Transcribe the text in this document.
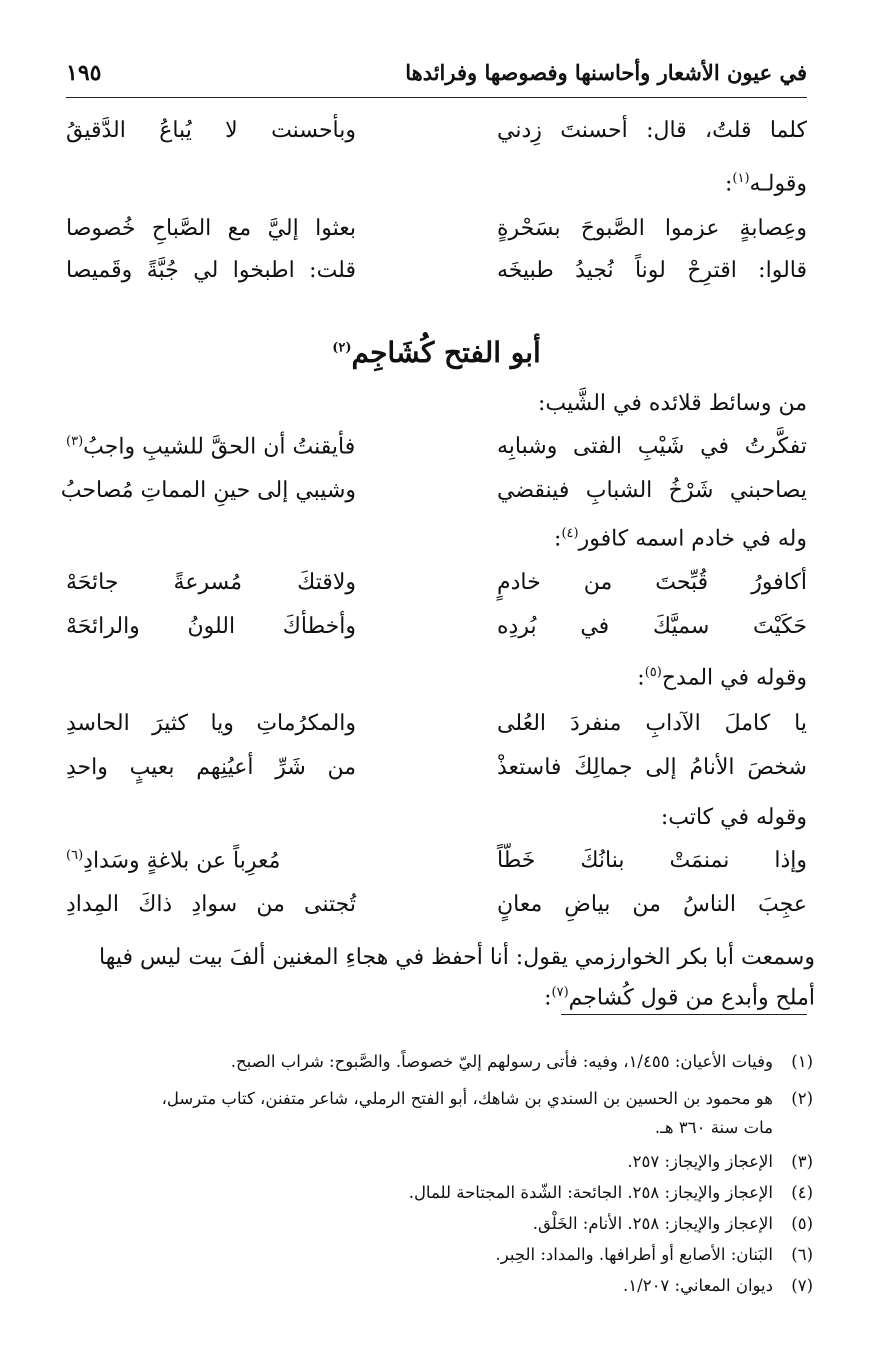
في عيون الأشعار وأحاسنها وفصوصها وفرائدها
١٩٥
كلما قلتُ، قال: أحسنتَ زِدني
وبأحسنت لا يُباعُ الدَّقيقُ
وقولـه$^{(١)}$:
وعِصابةٍ عزموا الصَّبوحَ بسَحْرةٍ
بعثوا إليَّ مع الصَّباحِ خُصوصا
قالوا: اقترِحْ لوناً نُجيدُ طبيخَه
قلت: اطبخوا لي جُبَّةً وقَميصا
أبو الفتح كُشَاجِم$^{(٢)}$
من وسائط قلائده في الشَّيب:
تفكَّرتُ في شَيْبِ الفتى وشبابِه
فأيقنتُ أن الحقَّ للشيبِ واجبُ$^{(٣)}$
يصاحبني شَرْخُ الشبابِ فينقضي
وشيبي إلى حينِ المماتِ مُصاحبُ
وله في خادم اسمه كافور$^{(٤)}$:
أكافورُ قُبِّحتَ من خادمٍ
ولاقتكَ مُسرعةً جائحَهْ
حَكَيْتَ سميَّكَ في بُردِه
وأخطأكَ اللونُ والرائحَهْ
وقوله في المدح$^{(٥)}$:
يا كاملَ الآدابِ منفردَ العُلى
والمكرُماتِ ويا كثيرَ الحاسدِ
شخصَ الأنامُ إلى جمالِكَ فاستعذْ
من شَرِّ أعيُنِهم بعيبٍ واحدِ
وقوله في كاتب:
وإذا نمنمَتْ بنانُكَ خَطّاً
مُعرِباً عن بلاغةٍ وسَدادِ$^{(٦)}$
عجِبَ الناسُ من بياضِ معانٍ
تُجتنى من سوادِ ذاكَ المِدادِ
وسمعت أبا بكر الخوارزمي يقول: أنا أحفظ في هجاءِ المغنين ألفَ بيت ليس فيها
أملح وأبدع من قول كُشاجم$^{(٧)}$:
(١)
وفيات الأعيان: ١/٤٥٥، وفيه: فأتى رسولهم إليّ خصوصاً. والصَّبوح: شراب الصبح.
(٢)
هو محمود بن الحسين بن السندي بن شاهك، أبو الفتح الرملي، شاعر متفنن، كتاب مترسل،
مات سنة ٣٦٠ هـ.
(٣)
الإعجاز والإيجاز: ٢٥٧.
(٤)
الإعجاز والإيجاز: ٢٥٨. الجائحة: الشّدة المجتاحة للمال.
(٥)
الإعجاز والإيجاز: ٢٥٨. الأنام: الخَلْق.
(٦)
البَنان: الأصابع أو أطرافها. والمداد: الحِبر.
(٧)
ديوان المعاني: ١/٢٠٧.
